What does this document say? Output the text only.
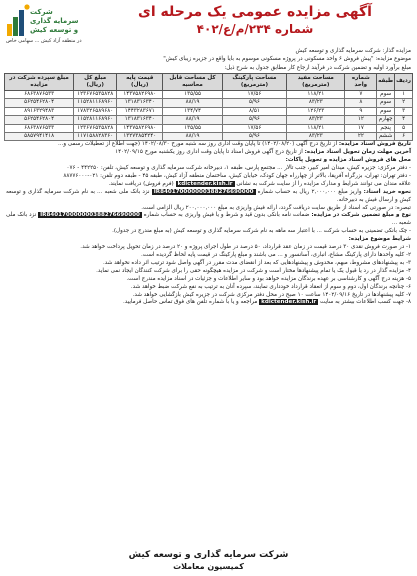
آگهی مزایده عمومی یک مرحله ای
شماره ۲۳۴/م/ع/۴۰۲
شرکت سرمایه گذاری و توسعه کیش
در منطقه آزاد کیش ... سهامی خاص
مزایده گذار: شرکت سرمایه گذاری و توسعه کیش
موضوع مزایده: "پیش فروش ۶ واحد مسکونی در پروژه مسکونی موسوم به بایا واقع در جزیره زیبای کیش"
مبلغ برآورد اولیه و تضمین شرکت در فرآیند ارجاع کار مطابق جدول به شرح ذیل:
ردیف	طبقه	شماره واحد	مساحت مفید (مترمربع)	مساحت پارکینگ (مترمربع)	کل مساحت قابل محاسبه	قیمت پایه (ریال)	مبلغ کل (ریال)	مبلغ سپرده شرکت در مزایده
۱	سوم	۷	۱۱۸/۲۱	۱۷/۵۶	۱۳۵/۵۵	۱۴۳۷۵۸۲۶۹۸۰	۱۲۳۶۷۶۵۳۵۸۲۸	۶۸۶۳۸۷۶۵۳۳
۲	سوم	۸	۸۳/۲۳	۵/۹۶	۸۸/۱۹	۱۳۱۸۳۱۶۳۴۰	۱۱۵۲۸۱۱۶۸۹۶۰	۵۶۲۵۴۶۲۸۰۴
۳	سوم	۹	۱۲۶/۲۳	۸/۵۱	۱۳۴/۷۴	۱۴۴۳۲۸۳۶۷۱	۱۷۸۳۲۶۵۸۹۶۸۰	۸۹۱۶۳۲۹۴۸۳
۴	چهارم	۱۲	۸۳/۲۳	۵/۹۶	۸۸/۱۹	۱۳۱۸۳۱۶۳۴۰	۱۱۵۲۸۱۱۶۸۹۶۰	۵۶۲۵۴۶۲۸۰۴
۵	پنجم	۱۷	۱۱۸/۲۱	۱۷/۵۶	۱۳۵/۵۵	۱۴۳۷۵۸۲۶۹۸۰	۱۲۳۶۷۶۵۳۵۸۲۸	۶۸۶۳۸۷۶۵۳۳
۶	ششم	۲۲	۸۳/۲۳	۵/۹۶	۸۸/۱۹	۱۳۲۷۳۸۵۴۲۴۰	۱۱۷۱۵۸۸۲۸۳۶۰	۵۸۵۷۹۴۱۴۱۸
تاریخ فروش اسناد مزایده: از تاریخ درج آگهی (۱۴۰۲/۰۸/۲۰) تا پایان وقت اداری روز سه شنبه مورخ ۱۴۰۲/۰۸/۳۰ (جهت اطلاع از تعطیلات رسمی و...
آخرین مهلت زمان تحویل اسناد مزایده: از تاریخ درج آگهی فروش اسناد تا پایان وقت اداری روز یکشنبه مورخ ۱۴۰۲/۰۹/۱۵
محل های فروش اسناد مزایده و تحویل پاکات:
- دفتر مرکزی: جزیره کیش، میدان امیر کبیر، جنب تالار ... مجتمع پارس، طبقه ۱، دبیرخانه شرکت سرمایه گذاری و توسعه کیش، تلفن: ۴۴۲۲۵۰ - ۰۷۶
- دفتر تهران: تهران، بزرگراه آفریقا، بالاتر از چهارراه جهان کودک، خیابان کیش، ساختمان منطقه آزاد کیش، طبقه ۴۵ - طبقه دوم تلفن: ۰۲۱-۸۸۷۷۶۰۰۰
علاقه مندان می توانند شرایط و مدارک مزایده را از سایت شرکت به نشانی kdictender.kish.ir (فرم فروش) دریافت نمایند.
نحوه خرید اسناد: واریز مبلغ ۲,۰۰۰,۰۰۰ ریال به حساب شماره IR840170000000388276690000 نزد بانک ملی شعبه ... به نام شرکت سرمایه گذاری و توسعه کیش و ارسال فیش به دبیرخانه.
تبصره: در صورتی که اسناد از طریق سایت دریافت گردد، ارائه فیش واریزی به مبلغ ۲۰۰,۰۰۰,۰۰۰ ریال الزامی است.
نوع و مبلغ تضمین شرکت در مزایده: ضمانت نامه بانکی بدون قید و شرط و یا فیش واریزی به حساب شماره IR840170000000388276690000 نزد بانک ملی شعبه ...
- چک بانکی تضمینی به حساب شرکت ... با اعتبار سه ماهه به نام شرکت سرمایه گذاری و توسعه کیش (به مبلغ مندرج در جدول).
شرایط موضوع مزایده:
۱- در صورت فروش نقدی ۳۰ درصد قیمت در زمان عقد قرارداد، ۵۰ درصد در طول اجرای پروژه و ۲۰ درصد در زمان تحویل پرداخت خواهد شد.
۲- کلیه واحدها دارای پارکینگ مشاع، انباری، آسانسور و ... می باشند و مبلغ پارکینگ در قیمت پایه لحاظ گردیده است.
۳- به پیشنهادهای مشروط، مبهم، مخدوش و پیشنهادهایی که بعد از انقضای مدت مقرر در آگهی واصل شود ترتیب اثر داده نخواهد شد.
۴- مزایده گذار در رد یا قبول یک یا تمام پیشنهادها مختار است و شرکت در مزایده هیچگونه حقی را برای شرکت کنندگان ایجاد نمی نماید.
۵- هزینه درج آگهی و کارشناسی بر عهده برندگان مزایده خواهد بود و سایر اطلاعات و جزئیات در اسناد مزایده مندرج است.
۶- چنانچه برندگان اول، دوم و سوم از انعقاد قرارداد خودداری نمایند، سپرده آنان به ترتیب به نفع شرکت ضبط خواهد شد.
۷- کلیه پیشنهادها در تاریخ ۱۴۰۲/۰۹/۱۶ ساعت ۱۰ صبح در محل دفتر مرکزی شرکت در جزیره کیش بازگشایی خواهد شد.
۸- جهت کسب اطلاعات بیشتر به سایت kdictender.kish.ir مراجعه و یا با شماره تلفن های فوق تماس حاصل فرمایید.
شرکت سرمایه گذاری و توسعه کیش
کمیسیون معاملات
